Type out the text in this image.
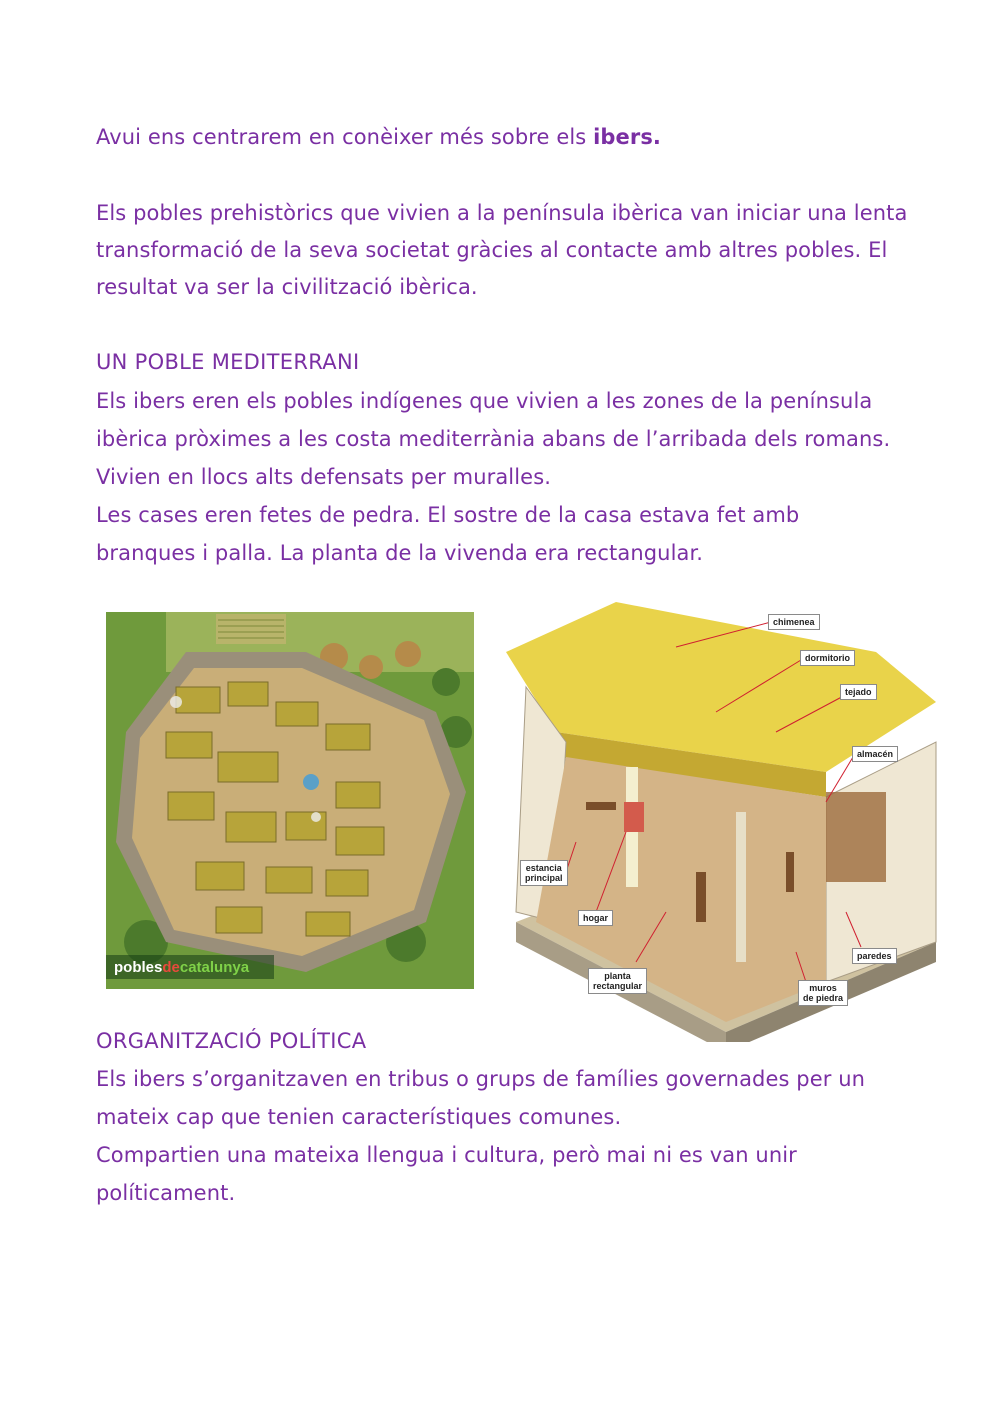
Avui ens centrarem en conèixer més sobre els ibers.
Els pobles prehistòrics que vivien a la península ibèrica van iniciar una lenta
transformació de la seva societat gràcies al contacte amb altres pobles. El
resultat va ser la civilització ibèrica.
UN POBLE MEDITERRANI
Els ibers eren els pobles indígenes que vivien a les zones de la península
ibèrica pròximes a les costa mediterrània abans de l’arribada dels romans.
Vivien en llocs alts defensats per muralles.
Les cases eren fetes de pedra. El sostre de la casa estava fet amb
branques i palla. La planta de la vivenda era rectangular.
pobles de catalunya
chimenea
dormitorio
tejado
almacén
estancia
principal
hogar
planta
rectangular
paredes
muros
de piedra
ORGANITZACIÓ POLÍTICA
Els ibers s’organitzaven en tribus o grups de famílies governades per un
mateix cap que tenien característiques comunes.
Compartien una mateixa llengua i cultura, però mai ni es van unir
políticament.
